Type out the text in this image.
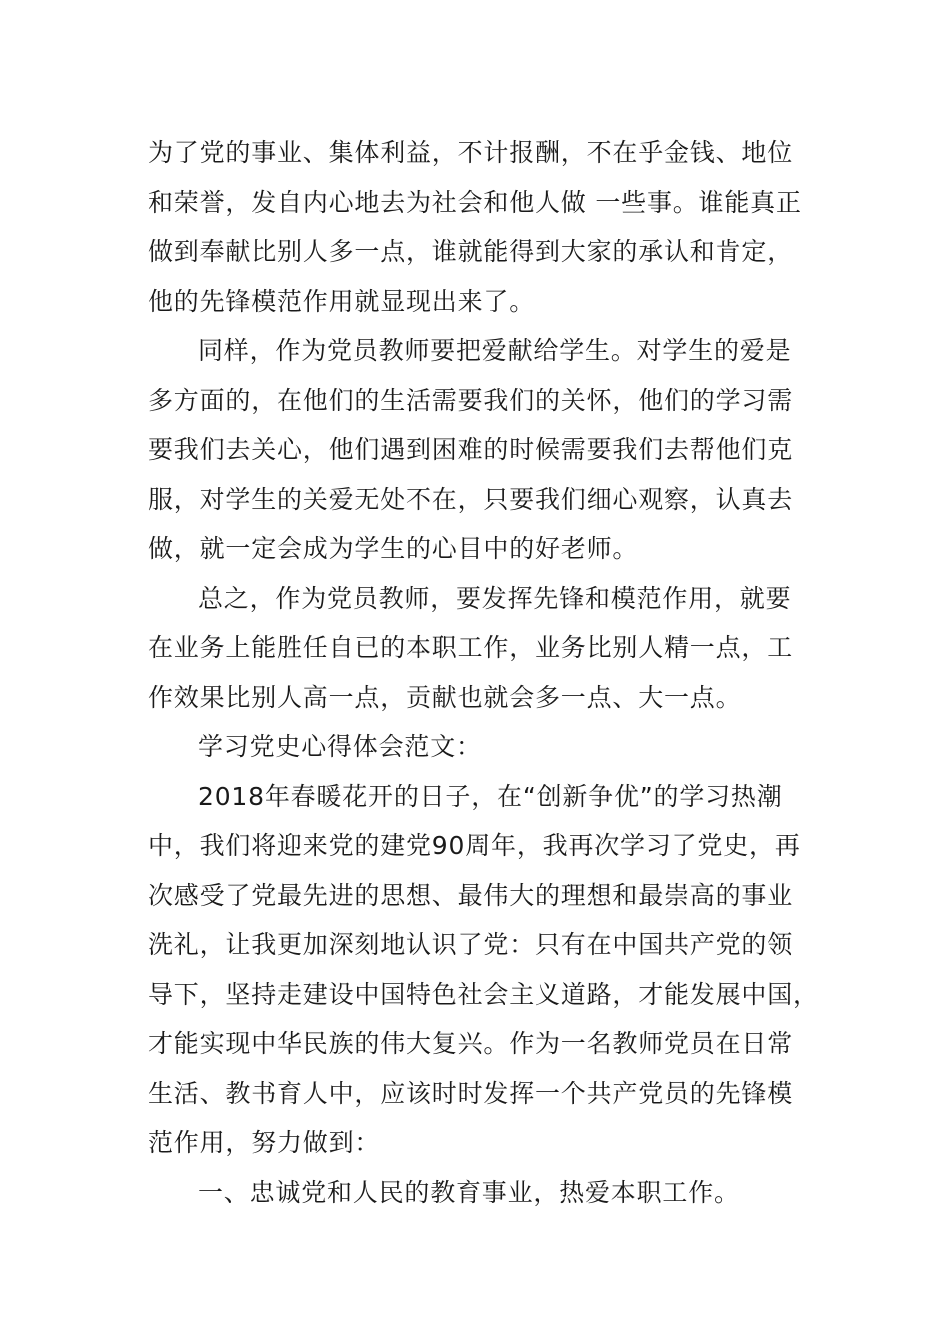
为了党的事业、集体利益，不计报酬，不在乎金钱、地位
和荣誉，发自内心地去为社会和他人做 一些事。谁能真正
做到奉献比别人多一点，谁就能得到大家的承认和肯定，
他的先锋模范作用就显现出来了。
同样，作为党员教师要把爱献给学生。对学生的爱是
多方面的，在他们的生活需要我们的关怀，他们的学习需
要我们去关心，他们遇到困难的时候需要我们去帮他们克
服，对学生的关爱无处不在，只要我们细心观察，认真去
做，就一定会成为学生的心目中的好老师。
总之，作为党员教师，要发挥先锋和模范作用，就要
在业务上能胜任自已的本职工作，业务比别人精一点，工
作效果比别人高一点，贡献也就会多一点、大一点。
学习党史心得体会范文：
2018年春暖花开的日子，在“创新争优”的学习热潮
中，我们将迎来党的建党90周年，我再次学习了党史，再
次感受了党最先进的思想、最伟大的理想和最崇高的事业
洗礼，让我更加深刻地认识了党：只有在中国共产党的领
导下，坚持走建设中国特色社会主义道路，才能发展中国，
才能实现中华民族的伟大复兴。作为一名教师党员在日常
生活、教书育人中，应该时时发挥一个共产党员的先锋模
范作用，努力做到：
一、忠诚党和人民的教育事业，热爱本职工作。
